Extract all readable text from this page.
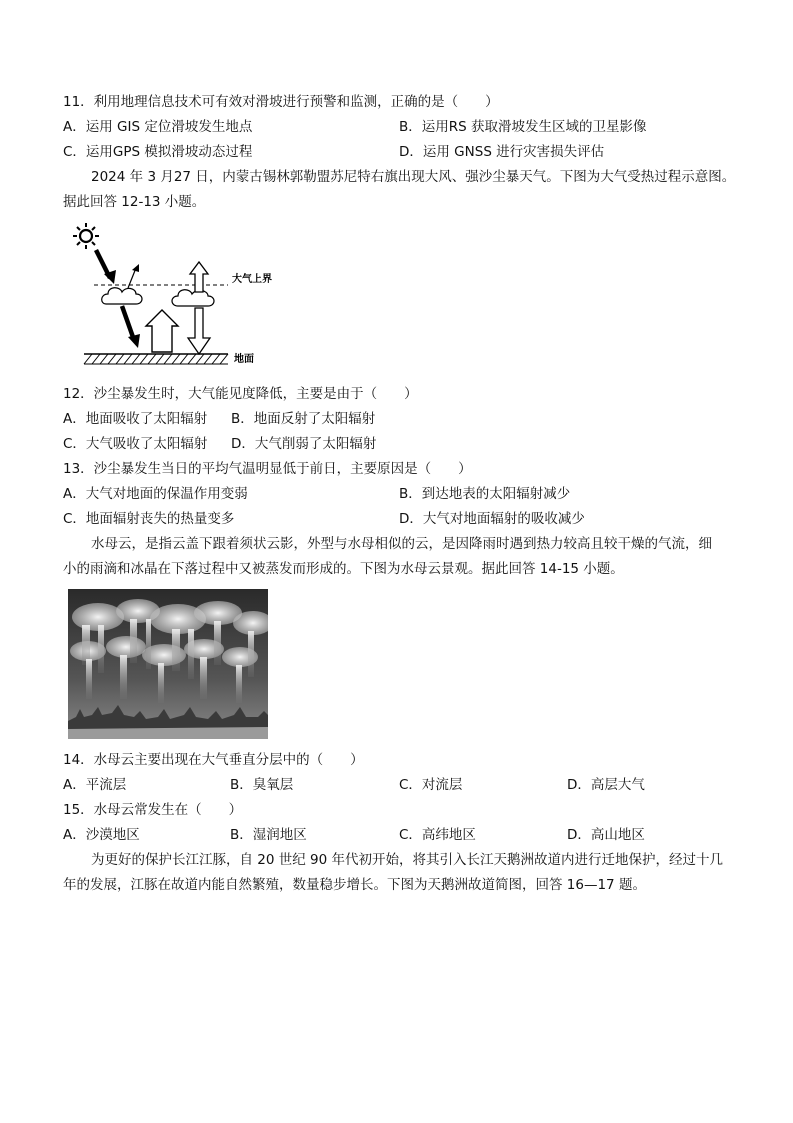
11．利用地理信息技术可有效对滑坡进行预警和监测，正确的是（　　）
A．运用 GIS 定位滑坡发生地点	B．运用RS 获取滑坡发生区域的卫星影像
C．运用GPS 模拟滑坡动态过程	D．运用 GNSS 进行灾害损失评估
2024 年 3 月27 日，内蒙古锡林郭勒盟苏尼特右旗出现大风、强沙尘暴天气。下图为大气受热过程示意图。
据此回答 12-13 小题。
大气上界
地面
12．沙尘暴发生时，大气能见度降低，主要是由于（　　）
A．地面吸收了太阳辐射 B．地面反射了太阳辐射
C．大气吸收了太阳辐射 D．大气削弱了太阳辐射
13．沙尘暴发生当日的平均气温明显低于前日，主要原因是（　　）
A．大气对地面的保温作用变弱	B．到达地表的太阳辐射减少
C．地面辐射丧失的热量变多	D．大气对地面辐射的吸收减少
水母云，是指云盖下跟着须状云影，外型与水母相似的云，是因降雨时遇到热力较高且较干燥的气流，细
小的雨滴和冰晶在下落过程中又被蒸发而形成的。下图为水母云景观。据此回答 14-15 小题。
14．水母云主要出现在大气垂直分层中的（　　）
A．平流层	B．臭氧层	C．对流层	D．高层大气
15．水母云常发生在（　　）
A．沙漠地区	B．湿润地区	C．高纬地区	D．高山地区
为更好的保护长江江豚，自 20 世纪 90 年代初开始，将其引入长江天鹅洲故道内进行迁地保护，经过十几
年的发展，江豚在故道内能自然繁殖，数量稳步增长。下图为天鹅洲故道简图，回答 16—17 题。
